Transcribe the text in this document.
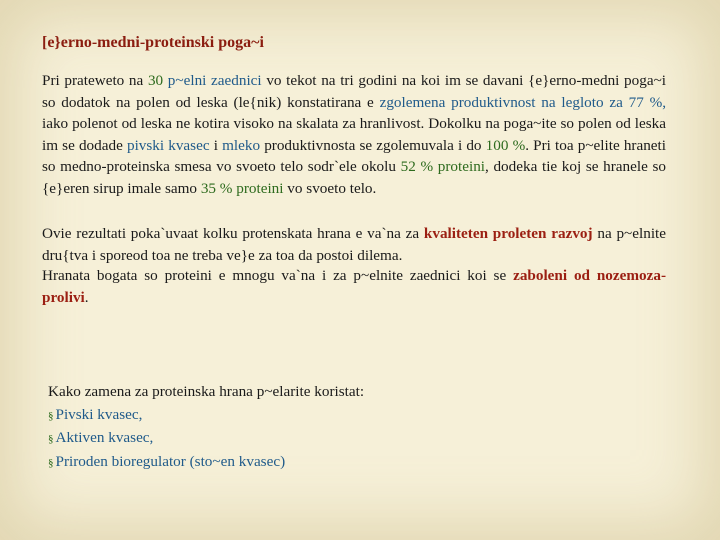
[e}erno-medni-proteinski poga~i
Pri prateweto na 30 p~elni zaednici vo tekot na tri godini na koi im se davani {e}erno-medni poga~i so dodatok na polen od leska (le{nik) konstatirana e zgolemena produktivnost na legloto za 77 %, iako polenot od leska ne kotira visoko na skalata za hranlivost. Dokolku na poga~ite so polen od leska im se dodade pivski kvasec i mleko produktivnosta se zgolemuvala i do 100 %. Pri toa p~elite hraneti so medno-proteinska smesa vo svoeto telo sodr`ele okolu 52 % proteini, dodeka tie koj se hranele so {e}eren sirup imale samo 35 % proteini vo svoeto telo.
Ovie rezultati poka`uvaat kolku protenskata hrana e va`na za kvaliteten proleten razvoj na p~elnite dru{tva i sporeod toa ne treba ve}e za toa da postoi dilema.
Hranata bogata so proteini e mnogu va`na i za p~elnite zaednici koi se zaboleni od nozemoza-prolivi.
Kako zamena za proteinska hrana p~elarite koristat:
§ Pivski kvasec,
§ Aktiven kvasec,
§ Priroden bioregulator (sto~en kvasec)
